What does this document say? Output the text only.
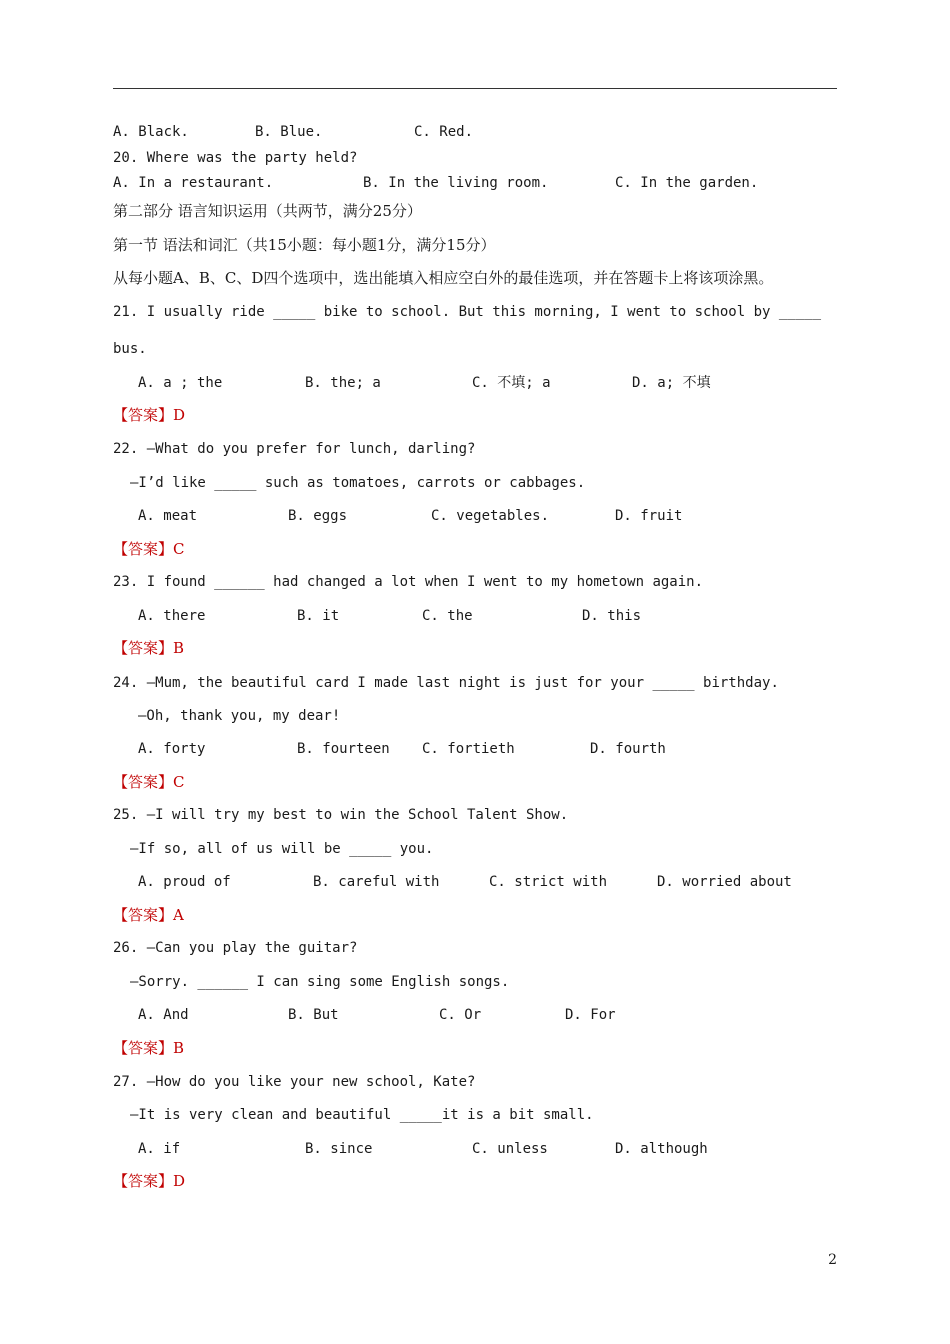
A. Black.	B. Blue.	C. Red.
20. Where was the party held?
A. In a restaurant.	B. In the living room.	C. In the garden.
第二部分 语言知识运用（共两节，满分25分）
第一节 语法和词汇（共15小题：每小题1分，满分15分）
从每小题A、B、C、D四个选项中，选出能填入相应空白外的最佳选项，并在答题卡上将该项涂黑。
21. I usually ride _____ bike to school. But this morning, I went to school by _____
bus.
A. a ; the	B. the; a	C. 不填; a	D. a; 不填
【答案】D
22. —What do you prefer for lunch, darling?
—I’d like _____ such as tomatoes, carrots or cabbages.
A. meat	B. eggs	C. vegetables.	D. fruit
【答案】C
23. I found ______ had changed a lot when I went to my hometown again.
A. there	B. it	C. the	D. this
【答案】B
24. —Mum, the beautiful card I made last night is just for your _____ birthday.
—Oh, thank you, my dear!
A. forty	B. fourteen C. fortieth	D. fourth
【答案】C
25. —I will try my best to win the School Talent Show.
—If so, all of us will be _____ you.
A. proud of	B. careful with	C. strict with	D. worried about
【答案】A
26. —Can you play the guitar?
—Sorry. ______ I can sing some English songs.
A. And	B. But	C. Or	D. For
【答案】B
27. —How do you like your new school, Kate?
—It is very clean and beautiful _____it is a bit small.
A. if	B. since	C. unless	D. although
【答案】D
2
